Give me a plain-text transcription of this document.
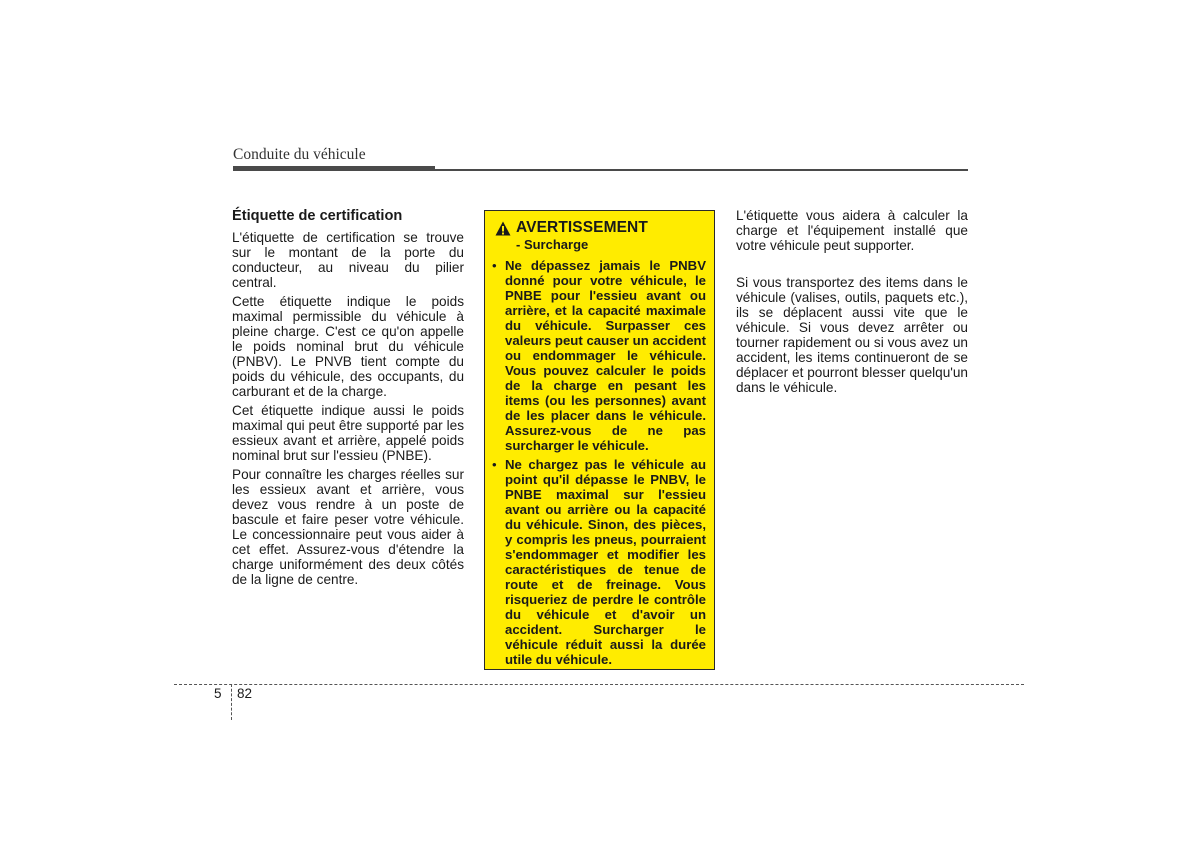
Conduite du véhicule
Étiquette de certification

L'étiquette de certification se trouve sur le montant de la porte du conducteur, au niveau du pilier central.

Cette étiquette indique le poids maximal permissible du véhicule à pleine charge. C'est ce qu'on appelle le poids nominal brut du véhicule (PNBV). Le PNVB tient compte du poids du véhicule, des occupants, du carburant et de la charge.

Cet étiquette indique aussi le poids maximal qui peut être supporté par les essieux avant et arrière, appelé poids nominal brut sur l'essieu (PNBE).

Pour connaître les charges réelles sur les essieux avant et arrière, vous devez vous rendre à un poste de bascule et faire peser votre véhicule. Le concessionnaire peut vous aider à cet effet. Assurez-vous d'étendre la charge uniformément des deux côtés de la ligne de centre.

AVERTISSEMENT
- Surcharge
• Ne dépassez jamais le PNBV donné pour votre véhicule, le PNBE pour l'essieu avant ou arrière, et la capacité maximale du véhicule. Surpasser ces valeurs peut causer un accident ou endommager le véhicule. Vous pouvez calculer le poids de la charge en pesant les items (ou les personnes) avant de les placer dans le véhicule. Assurez-vous de ne pas surcharger le véhicule.
• Ne chargez pas le véhicule au point qu'il dépasse le PNBV, le PNBE maximal sur l'essieu avant ou arrière ou la capacité du véhicule. Sinon, des pièces, y compris les pneus, pourraient s'endommager et modifier les caractéristiques de tenue de route et de freinage. Vous risqueriez de perdre le contrôle du véhicule et d'avoir un accident. Surcharger le véhicule réduit aussi la durée utile du véhicule.

L'étiquette vous aidera à calculer la charge et l'équipement installé que votre véhicule peut supporter.

Si vous transportez des items dans le véhicule (valises, outils, paquets etc.), ils se déplacent aussi vite que le véhicule. Si vous devez arrêter ou tourner rapidement ou si vous avez un accident, les items continueront de se déplacer et pourront blesser quelqu'un dans le véhicule.

5 82
